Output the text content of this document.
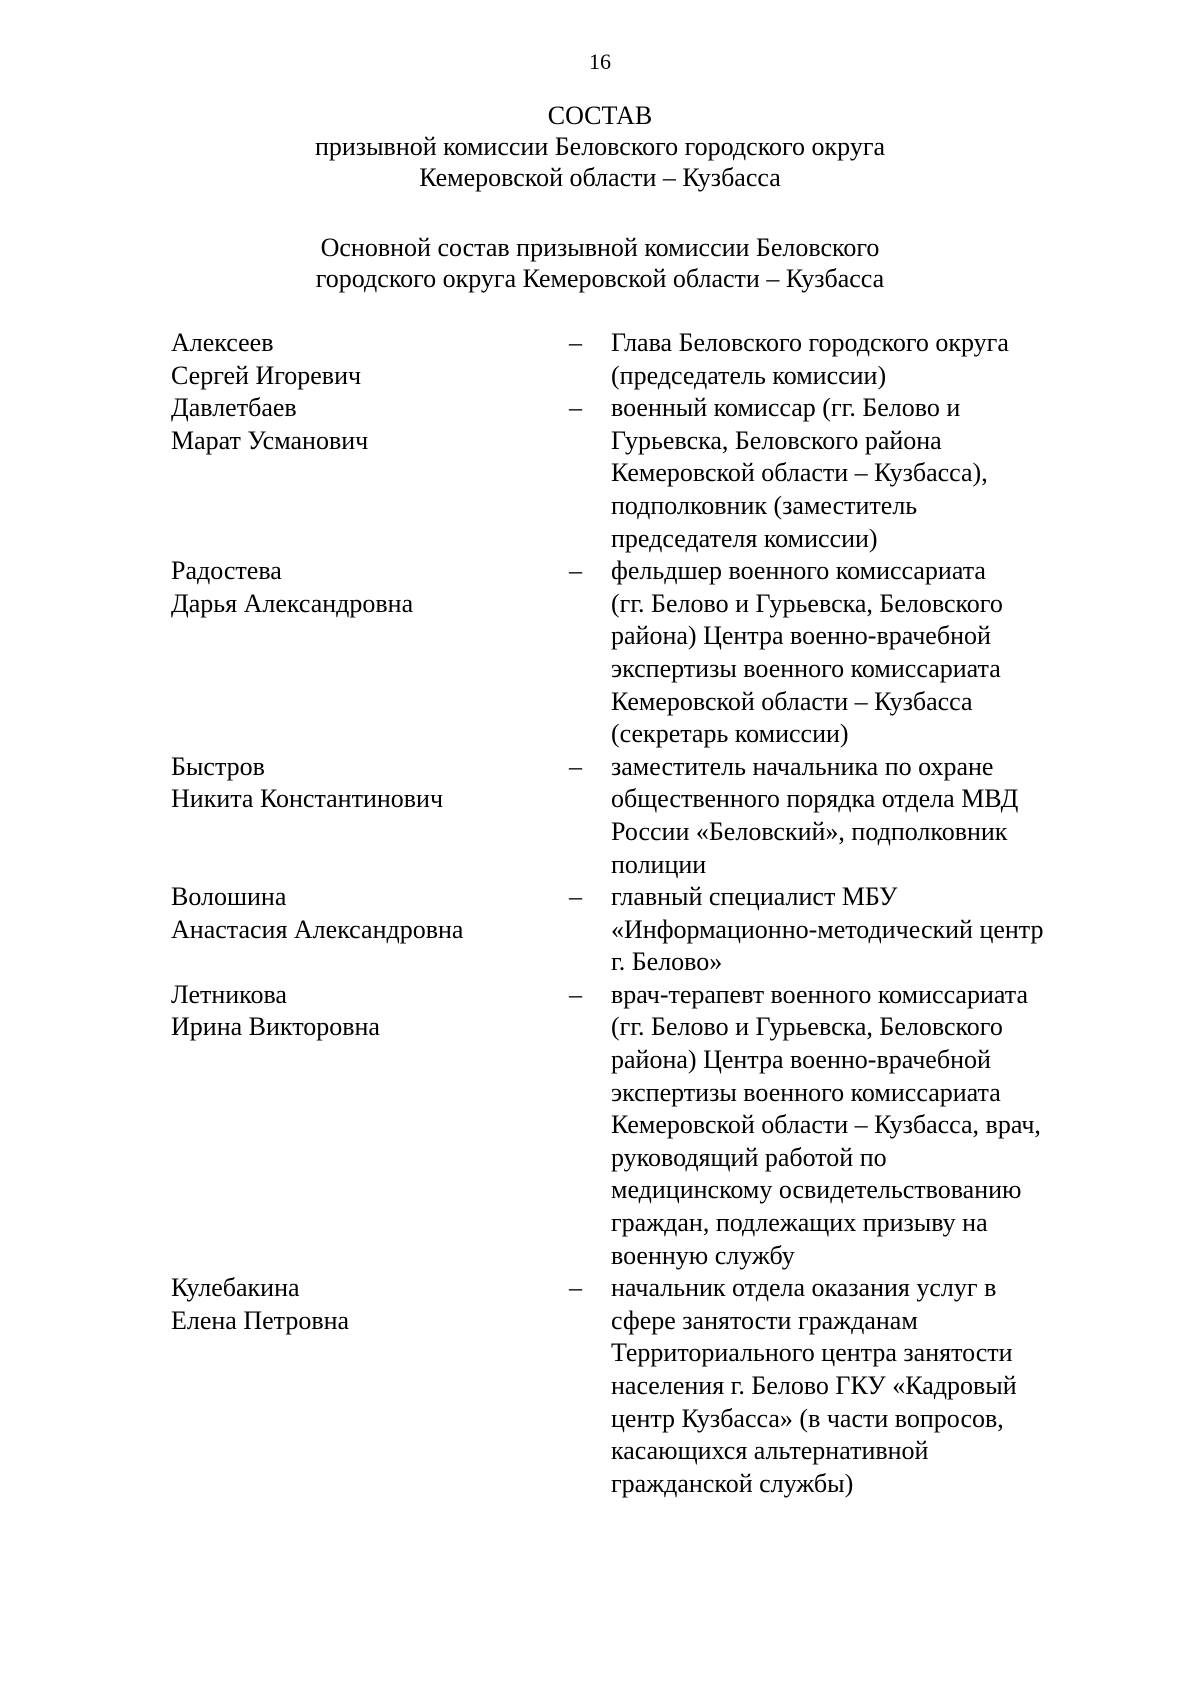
16
СОСТАВ
призывной комиссии Беловского городского округа
Кемеровской области – Кузбасса
Основной состав призывной комиссии Беловского
городского округа Кемеровской области – Кузбасса
Алексеев
Сергей Игоревич
–	Глава Беловского городского округа
(председатель комиссии)
Давлетбаев
Марат Усманович
–	военный комиссар (гг. Белово и
Гурьевска, Беловского района
Кемеровской области – Кузбасса),
подполковник (заместитель
председателя комиссии)
Радостева
Дарья Александровна
–	фельдшер военного комиссариата
(гг. Белово и Гурьевска, Беловского
района) Центра военно-врачебной
экспертизы военного комиссариата
Кемеровской области – Кузбасса
(секретарь комиссии)
Быстров
Никита Константинович
–	заместитель начальника по охране
общественного порядка отдела МВД
России «Беловский», подполковник
полиции
Волошина
Анастасия Александровна
–	главный специалист МБУ
«Информационно-методический центр
г. Белово»
Летникова
Ирина Викторовна
–	врач-терапевт военного комиссариата
(гг. Белово и Гурьевска, Беловского
района) Центра военно-врачебной
экспертизы военного комиссариата
Кемеровской области – Кузбасса, врач,
руководящий работой по
медицинскому освидетельствованию
граждан, подлежащих призыву на
военную службу
Кулебакина
Елена Петровна
–	начальник отдела оказания услуг в
сфере занятости гражданам
Территориального центра занятости
населения г. Белово ГКУ «Кадровый
центр Кузбасса» (в части вопросов,
касающихся альтернативной
гражданской службы)
